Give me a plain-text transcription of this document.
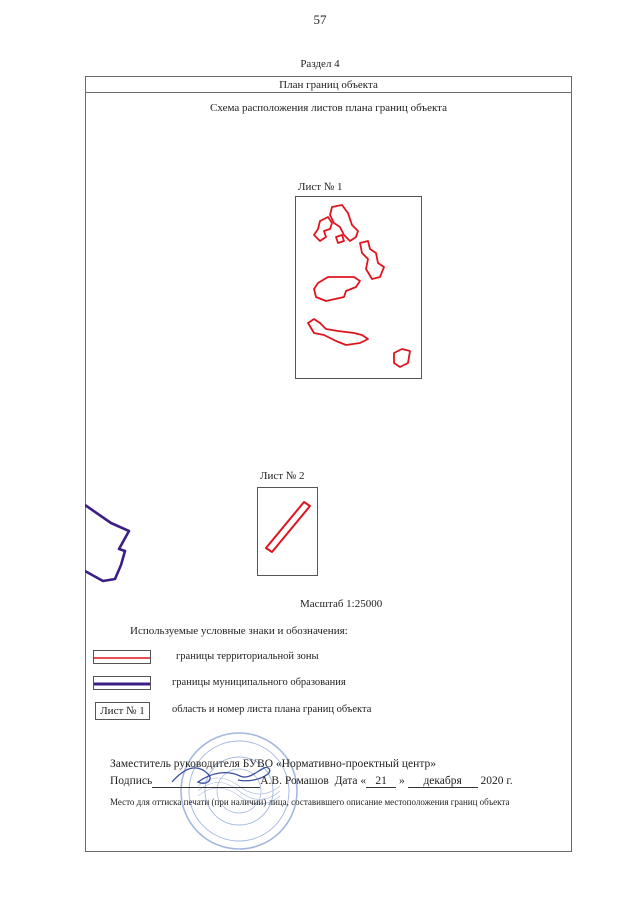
57
Раздел 4
План границ объекта
Схема расположения листов плана границ объекта
Лист № 1
Лист № 2
Масштаб 1:25000
Используемые условные знаки и обозначения:
границы территориальной зоны
границы муниципального образования
Лист № 1	область и номер листа плана границ объекта
Заместитель руководителя БУВО «Нормативно-проектный центр»
Подпись	А.В. Ромашов Дата « 21 » декабря 2020 г.
Место для оттиска печати (при наличии) лица, составившего описание местоположения границ объекта
